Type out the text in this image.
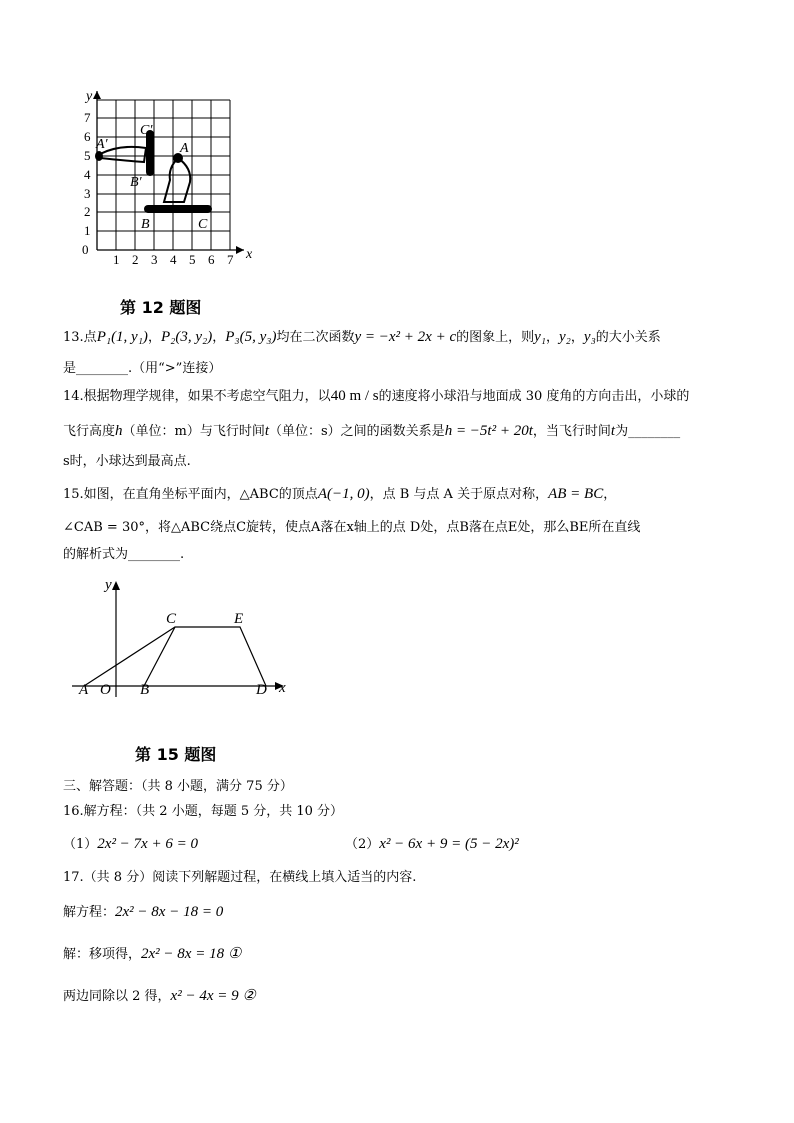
0
1 2 3 4 5 6 7
1
2
3
4
5
6
7
y
x
A′
C′
B′
A
B	C
第 12 题图
13.点P₁(1, y₁)，P₂(3, y₂)，P₃(5, y₃)均在二次函数y = −x² + 2x + c的图象上，则y₁，y₂，y₃的大小关系
是________.（用“>”连接）
14.根据物理学规律，如果不考虑空气阻力，以40 m / s的速度将小球沿与地面成 30 度角的方向击出，小球的
飞行高度h（单位：m）与飞行时间t（单位：s）之间的函数关系是h = −5t² + 20t，当飞行时间t为________
s时，小球达到最高点.
15.如图，在直角坐标平面内，△ABC的顶点A(−1, 0)，点 B 与点 A 关于原点对称，AB = BC，
∠CAB = 30°，将△ABC绕点C旋转，使点A落在x轴上的点 D处，点B落在点E处，那么BE所在直线
的解析式为________.
y
x
C	E
A O B	D
第 15 题图
三、解答题：（共 8 小题，满分 75 分）
16.解方程：（共 2 小题，每题 5 分，共 10 分）
（1）2x² − 7x + 6 = 0	（2）x² − 6x + 9 = (5 − 2x)²
17.（共 8 分）阅读下列解题过程，在横线上填入适当的内容.
解方程：2x² − 8x − 18 = 0
解：移项得，2x² − 8x = 18 ①
两边同除以 2 得，x² − 4x = 9 ②
